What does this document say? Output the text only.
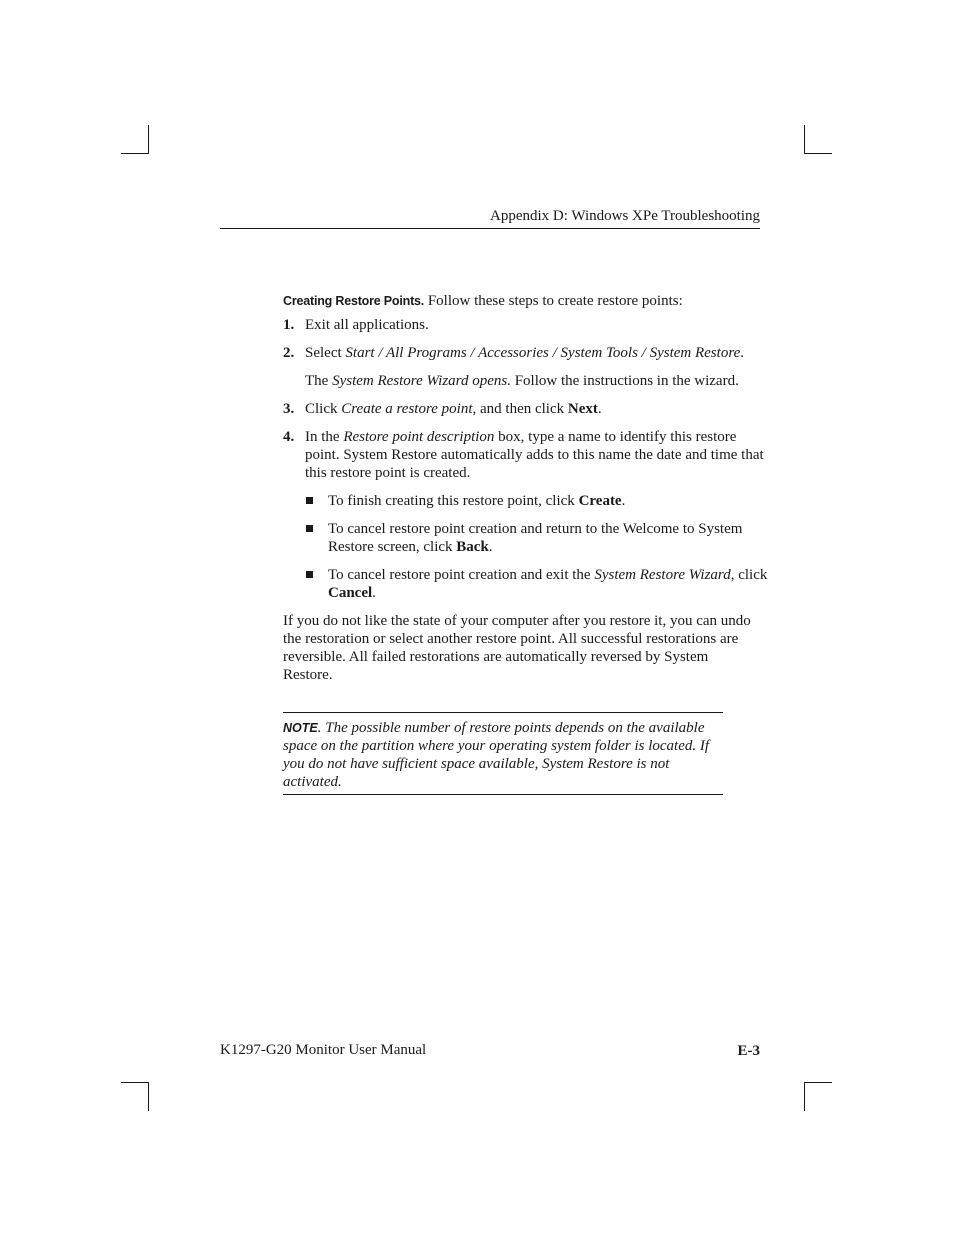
Appendix D: Windows XPe Troubleshooting

Creating Restore Points. Follow these steps to create restore points:

1. Exit all applications.
2. Select Start / All Programs / Accessories / System Tools / System Restore.
The System Restore Wizard opens. Follow the instructions in the wizard.
3. Click Create a restore point, and then click Next.
4. In the Restore point description box, type a name to identify this restore point. System Restore automatically adds to this name the date and time that this restore point is created.
To finish creating this restore point, click Create.
To cancel restore point creation and return to the Welcome to System Restore screen, click Back.
To cancel restore point creation and exit the System Restore Wizard, click Cancel.

If you do not like the state of your computer after you restore it, you can undo the restoration or select another restore point. All successful restorations are reversible. All failed restorations are automatically reversed by System Restore.

NOTE. The possible number of restore points depends on the available space on the partition where your operating system folder is located. If you do not have sufficient space available, System Restore is not activated.
K1297-G20 Monitor User Manual	E-3
